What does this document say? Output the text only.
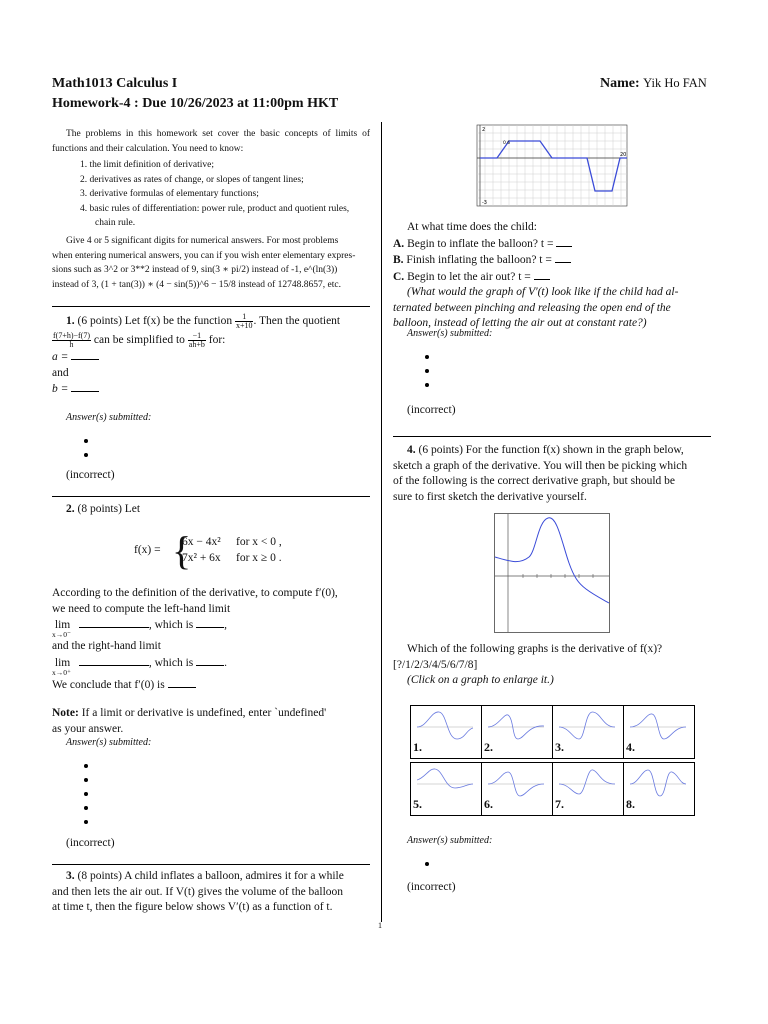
Math1013 Calculus I
Homework-4 : Due 10/26/2023 at 11:00pm HKT
Name: Yik Ho FAN
The problems in this homework set cover the basic concepts of limits of functions and their calculation. You need to know:
1. the limit definition of derivative;
2. derivatives as rates of change, or slopes of tangent lines;
3. derivative formulas of elementary functions;
4. basic rules of differentiation: power rule, product and quotient rules,
chain rule.
Give 4 or 5 significant digits for numerical answers. For most problems
when entering numerical answers, you can if you wish enter elementary expres-
sions such as 3^2 or 3**2 instead of 9, sin(3 ∗ pi/2) instead of -1, e^(ln(3))
instead of 3, (1 + tan(3)) ∗ (4 − sin(5))^6 − 15/8 instead of 12748.8657, etc.
1. (6 points) Let f(x) be the function $\frac{1}{x+10}$ . Then the quotient
$\frac{f(7+h)-f(7)}{h}$ can be simplified to $\frac{-1}{ah+b}$ for:
a =
and
b =
Answer(s) submitted:
(incorrect)
2. (8 points) Let
f(x) = {
6x − 4x² for x < 0 ,
7x² + 6x for x ≥ 0 .
According to the definition of the derivative, to compute f′(0),
we need to compute the left-hand limit
lim	, which is	,
x→0⁻
and the right-hand limit
lim	, which is	.
x→0⁺
We conclude that f′(0) is
Note: If a limit or derivative is undefined, enter `undefined'
as your answer.
Answer(s) submitted:
(incorrect)
3. (8 points) A child inflates a balloon, admires it for a while
and then lets the air out. If V(t) gives the volume of the balloon
at time t, then the figure below shows V′(t) as a function of t.
2
0.6
-3
20
At what time does the child:
A. Begin to inflate the balloon? t =
B. Finish inflating the balloon? t =
C. Begin to let the air out? t =
(What would the graph of V′(t) look like if the child had al-
ternated between pinching and releasing the open end of the
balloon, instead of letting the air out at constant rate?)
Answer(s) submitted:
(incorrect)
4. (6 points) For the function f(x) shown in the graph below,
sketch a graph of the derivative. You will then be picking which
of the following is the correct derivative graph, but should be
sure to first sketch the derivative yourself.
Which of the following graphs is the derivative of f(x)?
[?/1/2/3/4/5/6/7/8]
(Click on a graph to enlarge it.)
1.	2.	3.	4.
5.	6.	7.	8.
Answer(s) submitted:
(incorrect)
1
